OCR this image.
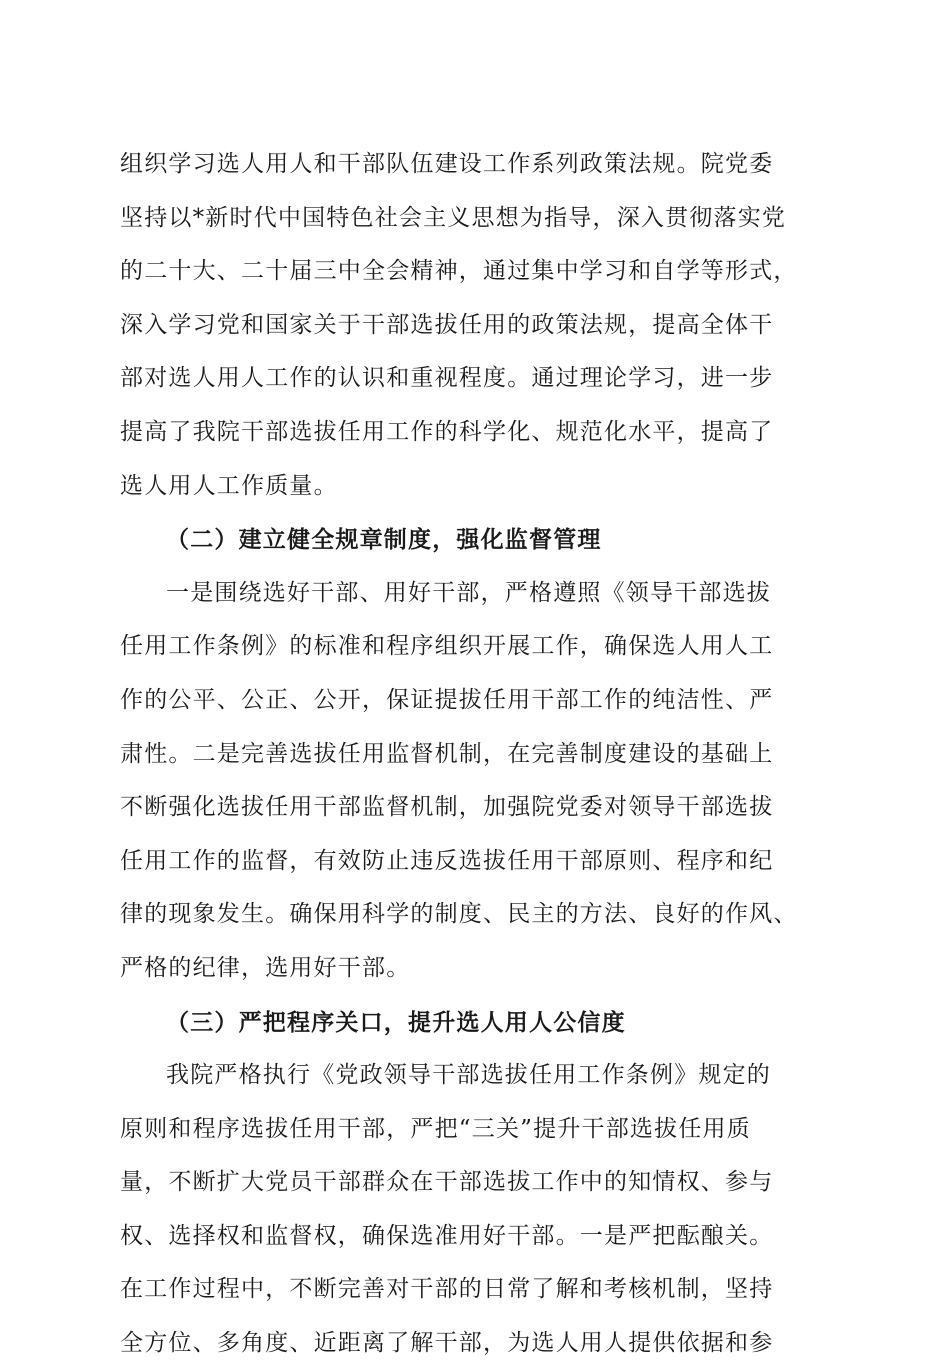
组织学习选人用人和干部队伍建设工作系列政策法规。院党委
坚持以*新时代中国特色社会主义思想为指导，深入贯彻落实党
的二十大、二十届三中全会精神，通过集中学习和自学等形式，
深入学习党和国家关于干部选拔任用的政策法规，提高全体干
部对选人用人工作的认识和重视程度。通过理论学习，进一步
提高了我院干部选拔任用工作的科学化、规范化水平，提高了
选人用人工作质量。
（二）建立健全规章制度，强化监督管理
一是围绕选好干部、用好干部，严格遵照《领导干部选拔
任用工作条例》的标准和程序组织开展工作，确保选人用人工
作的公平、公正、公开，保证提拔任用干部工作的纯洁性、严
肃性。二是完善选拔任用监督机制，在完善制度建设的基础上
不断强化选拔任用干部监督机制，加强院党委对领导干部选拔
任用工作的监督，有效防止违反选拔任用干部原则、程序和纪
律的现象发生。确保用科学的制度、民主的方法、良好的作风、
严格的纪律，选用好干部。
（三）严把程序关口，提升选人用人公信度
我院严格执行《党政领导干部选拔任用工作条例》规定的
原则和程序选拔任用干部，严把“三关”提升干部选拔任用质
量，不断扩大党员干部群众在干部选拔工作中的知情权、参与
权、选择权和监督权，确保选准用好干部。一是严把酝酿关。
在工作过程中，不断完善对干部的日常了解和考核机制，坚持
全方位、多角度、近距离了解干部，为选人用人提供依据和参
